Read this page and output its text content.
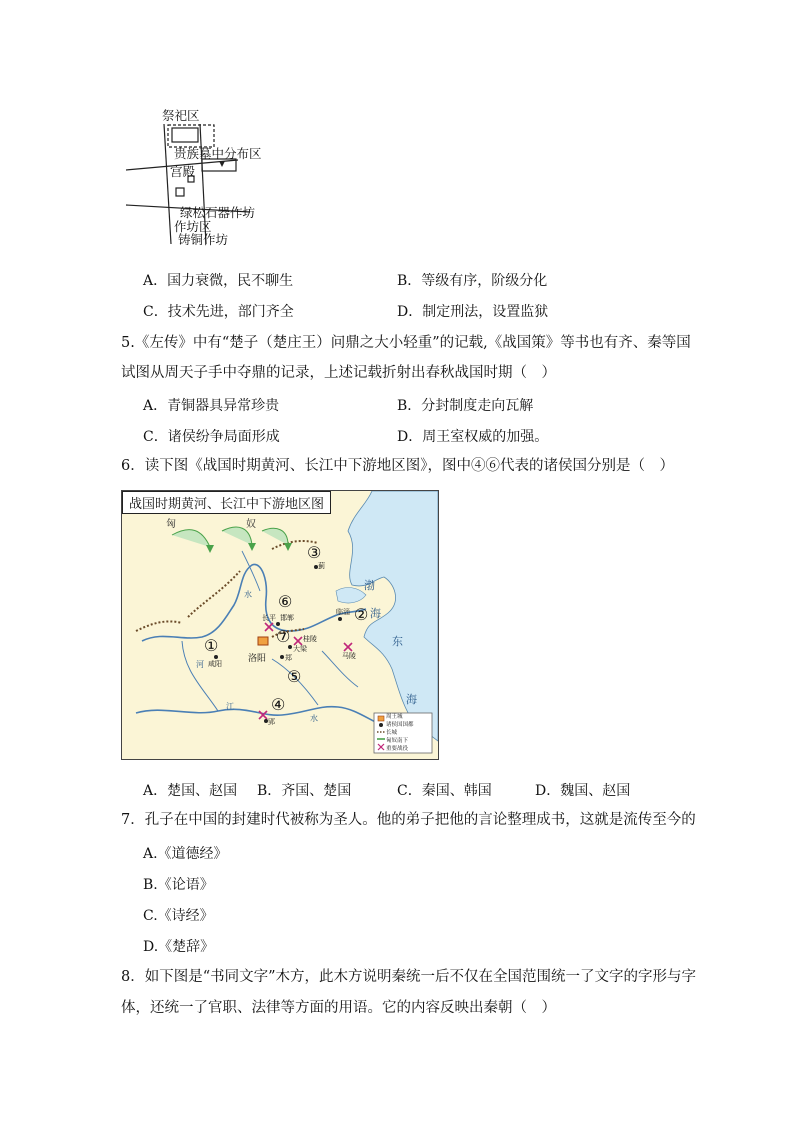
祭祀区
贵族墓中分布区
宫殿
绿松石器作坊
作坊区
铸铜作坊
A．国力衰微，民不聊生	B．等级有序，阶级分化
C．技术先进，部门齐全	D．制定刑法，设置监狱
5.《左传》中有“楚子（楚庄王）问鼎之大小轻重”的记载,《战国策》等书也有齐、秦等国
试图从周天子手中夺鼎的记录，上述记载折射出春秋战国时期（　）
A．青铜器具异常珍贵	B．分封制度走向瓦解
C．诸侯纷争局面形成	D．周王室权威的加强。
6．读下图《战国时期黄河、长江中下游地区图》，图中④⑥代表的诸侯国分别是（　）
战国时期黄河、长江中下游地区图
匈	奴
渤
海
东
海
蓟
临淄
长平 邯郸
桂陵
大梁
郑
洛阳
咸阳
马陵
郢
河
水
江
水
③
②
⑥
⑦
①
⑤
④
周王城
诸侯国国都
长城
匈奴南下
重要战役
A．楚国、赵国 B．齐国、楚国	C．秦国、韩国	D．魏国、赵国
7．孔子在中国的封建时代被称为圣人。他的弟子把他的言论整理成书，这就是流传至今的
A.《道德经》
B.《论语》
C.《诗经》
D.《楚辞》
8．如下图是“书同文字”木方，此木方说明秦统一后不仅在全国范围统一了文字的字形与字
体，还统一了官职、法律等方面的用语。它的内容反映出秦朝（　）
